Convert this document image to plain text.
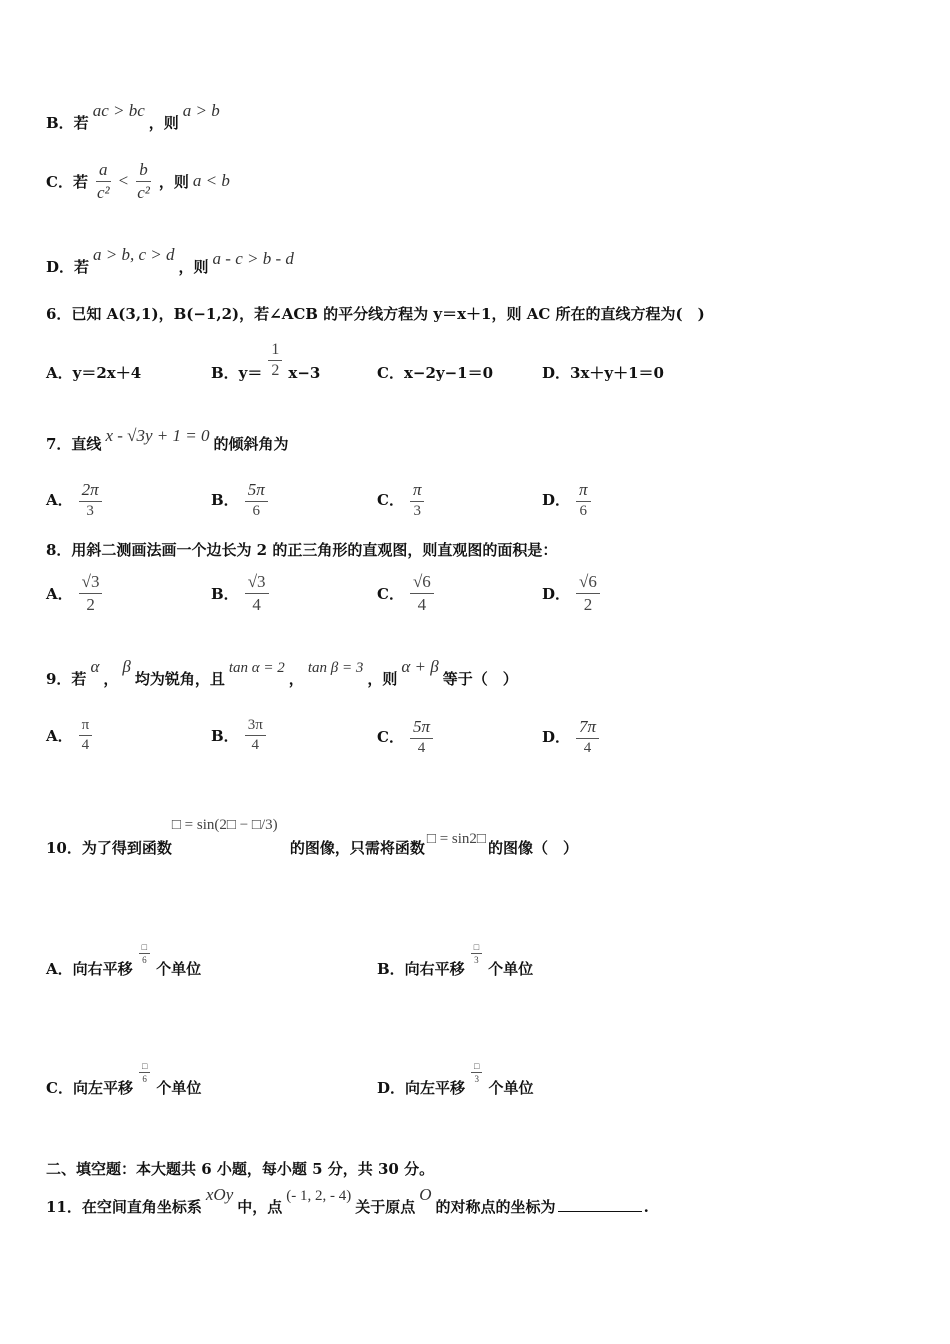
B．若
ac > bc
，则
a > b
C．若 $\frac{a}{\text{c²}} < \frac{b}{\text{c²}}$ ，则 a < b
D．若
a > b, c > d
，则 a - c > b - d
6．已知 A(3,1)，B(−1,2)，若∠ACB 的平分线方程为 y＝x＋1，则 AC 所在的直线方程为(　)
A．y＝2x＋4	B．$y= \frac{1}{2} x-3$	C．x−2y−1＝0	D．3x＋y＋1＝0
7．直线 x - √3y + 1 = 0 的倾斜角为
A． $\frac{2\pi}{3}$	B． $\frac{5\pi}{6}$	C． $\frac{\pi}{3}$	D． $\frac{\pi}{6}$
8．用斜二测画法画一个边长为 2 的正三角形的直观图，则直观图的面积是：
A． $\frac{√3}{2}$	B． $\frac{√3}{4}$	C． $\frac{√6}{4}$	D． $\frac{√6}{2}$
9．若
α
，
β
均为锐角，且
tan α = 2
，
tan β = 3
，则
α + β
等于（　）
A． $\frac{\pi}{4}$	B． $\frac{3\pi}{4}$	C． $\frac{5\pi}{4}$	D． $\frac{7\pi}{4}$
10．为了得到函数
□ = sin(2□ − □/3)
的图像，只需将函数 □ = sin2□ 的图像（　）
A．向右平移
$\frac{□}{6}$
个单位	B．向右平移
$\frac{□}{3}$
个单位
C．向左平移
$\frac{□}{6}$
个单位	D．向左平移
$\frac{□}{3}$
个单位
二、填空题：本大题共 6 小题，每小题 5 分，共 30 分。
11．在空间直角坐标系
xOy
中，点
(- 1, 2, - 4)
关于原点
O
的对称点的坐标为	.
